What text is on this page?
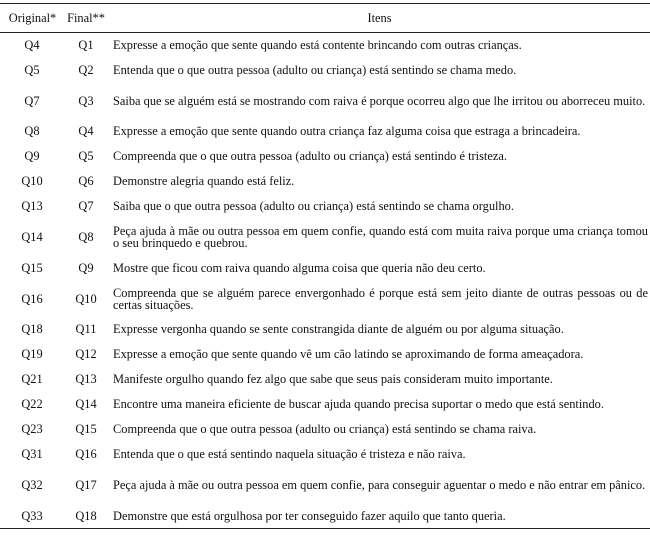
Original*	Final**	Itens
Q4	Q1	Expresse a emoção que sente quando está contente brincando com outras crianças.
Q5	Q2	Entenda que o que outra pessoa (adulto ou criança) está sentindo se chama medo.
Q7	Q3	Saiba que se alguém está se mostrando com raiva é porque ocorreu algo que lhe irritou ou aborreceu muito.
Q8	Q4	Expresse a emoção que sente quando outra criança faz alguma coisa que estraga a brincadeira.
Q9	Q5	Compreenda que o que outra pessoa (adulto ou criança) está sentindo é tristeza.
Q10	Q6	Demonstre alegria quando está feliz.
Q13	Q7	Saiba que o que outra pessoa (adulto ou criança) está sentindo se chama orgulho.
Q14	Q8	Peça ajuda à mãe ou outra pessoa em quem confie, quando está com muita raiva porque uma criança tomou o seu brinquedo e quebrou.
Q15	Q9	Mostre que ficou com raiva quando alguma coisa que queria não deu certo.
Q16	Q10	Compreenda que se alguém parece envergonhado é porque está sem jeito diante de outras pessoas ou de certas situações.
Q18	Q11	Expresse vergonha quando se sente constrangida diante de alguém ou por alguma situação.
Q19	Q12	Expresse a emoção que sente quando vê um cão latindo se aproximando de forma ameaçadora.
Q21	Q13	Manifeste orgulho quando fez algo que sabe que seus pais consideram muito importante.
Q22	Q14	Encontre uma maneira eficiente de buscar ajuda quando precisa suportar o medo que está sentindo.
Q23	Q15	Compreenda que o que outra pessoa (adulto ou criança) está sentindo se chama raiva.
Q31	Q16	Entenda que o que está sentindo naquela situação é tristeza e não raiva.
Q32	Q17	Peça ajuda à mãe ou outra pessoa em quem confie, para conseguir aguentar o medo e não entrar em pânico.
Q33	Q18	Demonstre que está orgulhosa por ter conseguido fazer aquilo que tanto queria.
